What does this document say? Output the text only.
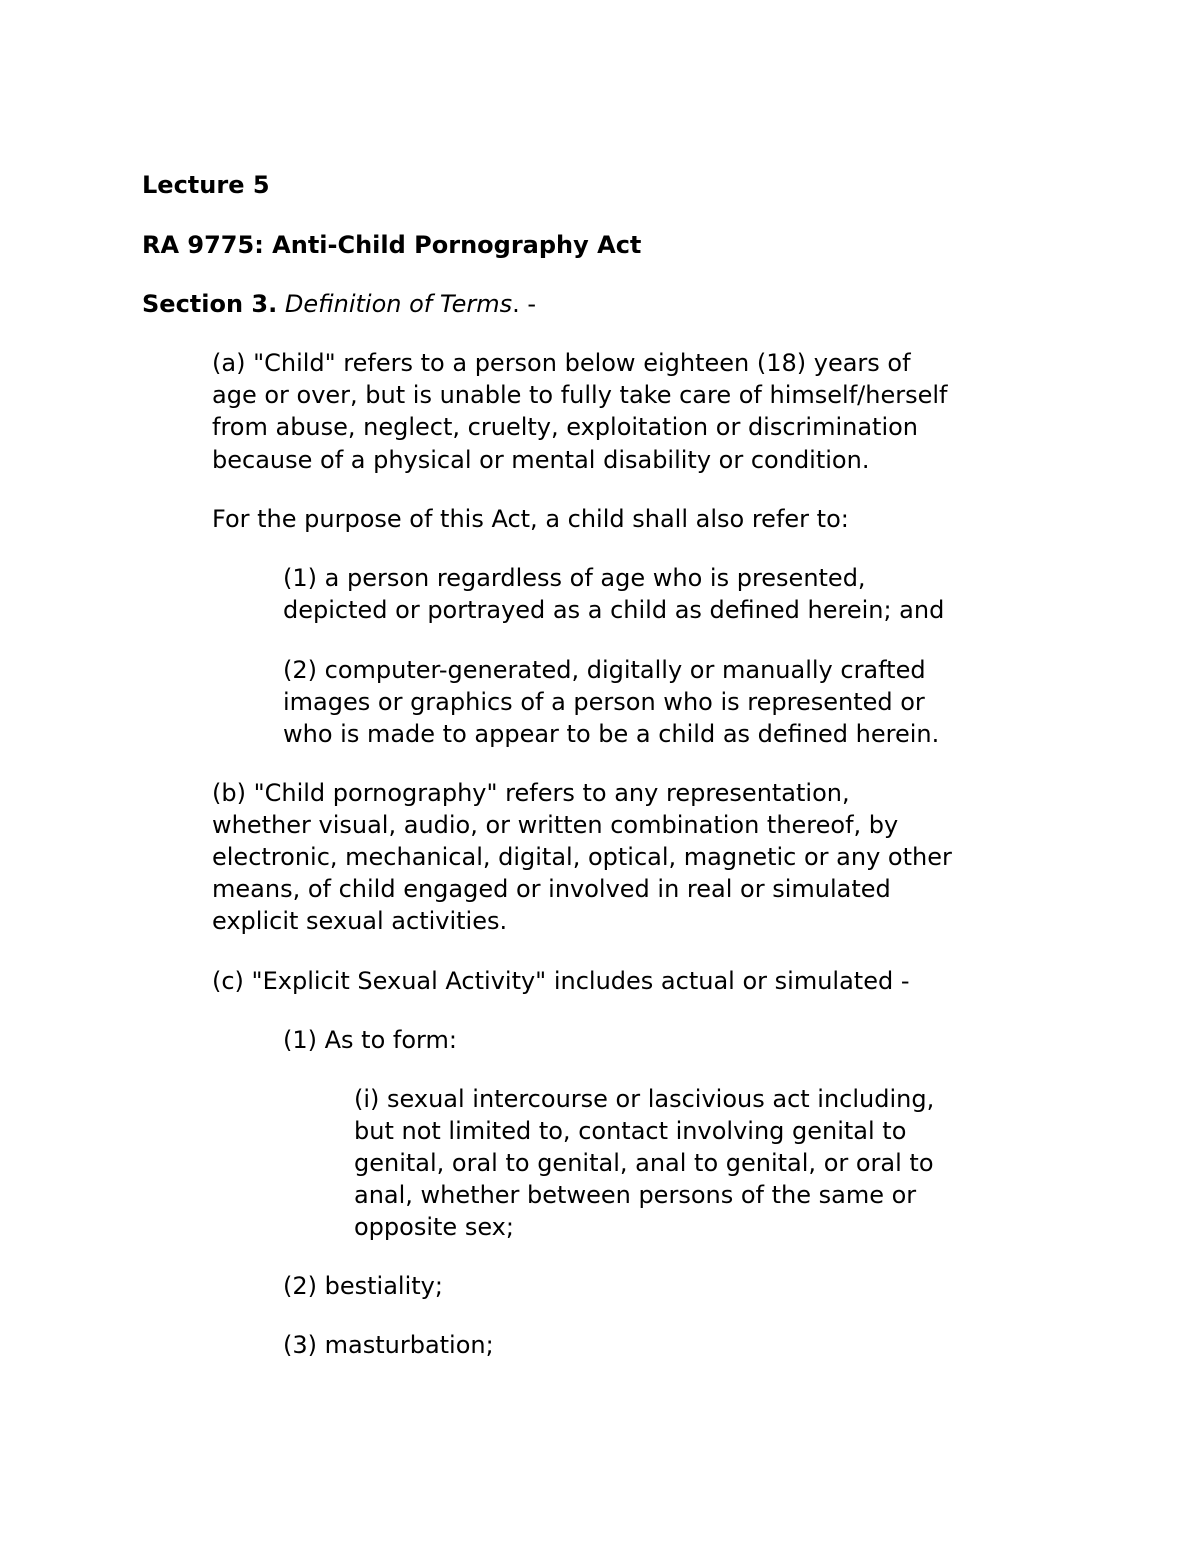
Lecture 5

RA 9775: Anti-Child Pornography Act

Section 3. Definition of Terms. -

(a) "Child" refers to a person below eighteen (18) years of

age or over, but is unable to fully take care of himself/herself

from abuse, neglect, cruelty, exploitation or discrimination

because of a physical or mental disability or condition.

For the purpose of this Act, a child shall also refer to:

(1) a person regardless of age who is presented,

depicted or portrayed as a child as defined herein; and

(2) computer-generated, digitally or manually crafted

images or graphics of a person who is represented or

who is made to appear to be a child as defined herein.

(b) "Child pornography" refers to any representation,

whether visual, audio, or written combination thereof, by

electronic, mechanical, digital, optical, magnetic or any other

means, of child engaged or involved in real or simulated

explicit sexual activities.

(c) "Explicit Sexual Activity" includes actual or simulated -

(1) As to form:

(i) sexual intercourse or lascivious act including,

but not limited to, contact involving genital to

genital, oral to genital, anal to genital, or oral to

anal, whether between persons of the same or

opposite sex;

(2) bestiality;

(3) masturbation;
